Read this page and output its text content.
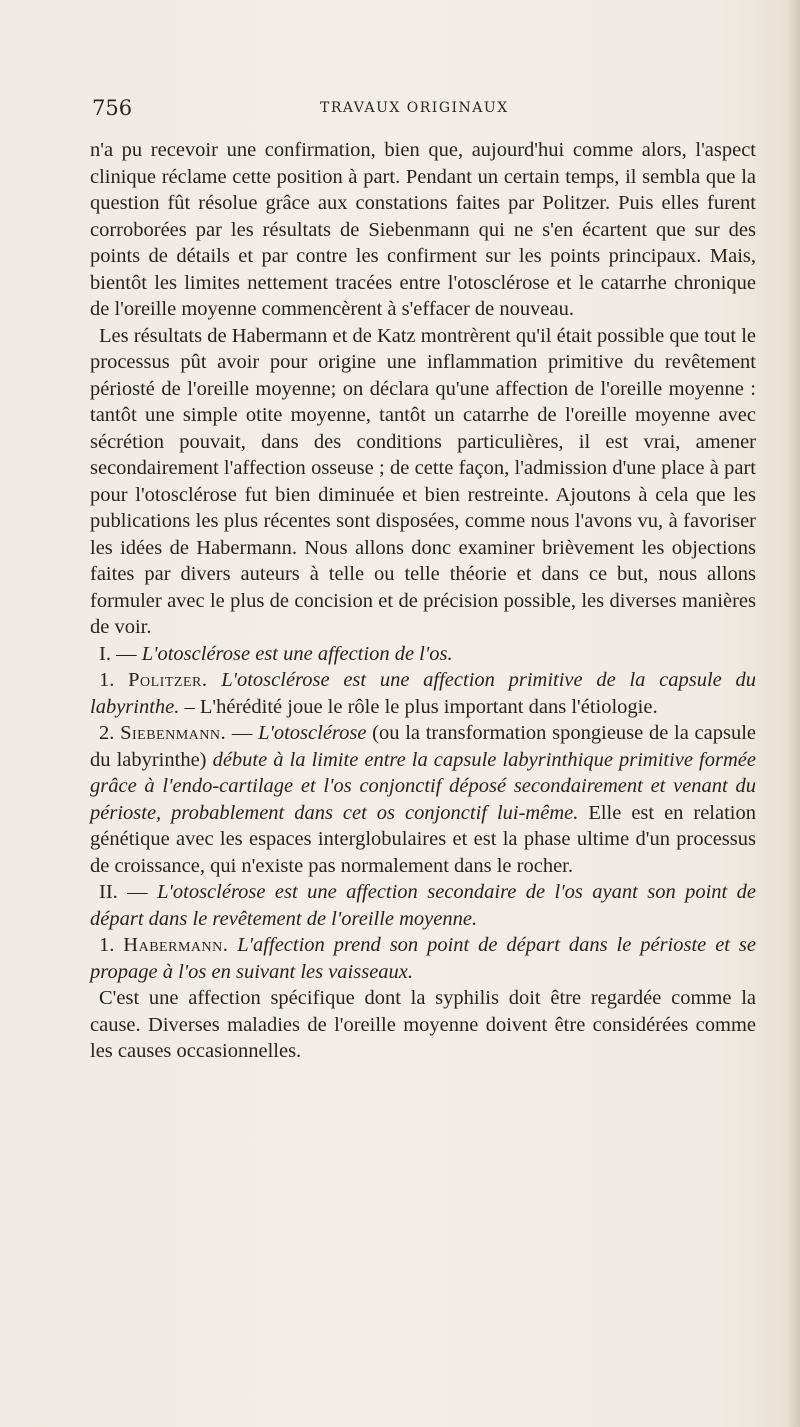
756	TRAVAUX ORIGINAUX

n'a pu recevoir une confirmation, bien que, aujourd'hui comme alors, l'aspect clinique réclame cette position à part. Pendant un certain temps, il sembla que la question fût résolue grâce aux constations faites par Politzer. Puis elles furent corroborées par les résultats de Siebenmann qui ne s'en écartent que sur des points de détails et par contre les confirment sur les points principaux. Mais, bientôt les limites nettement tracées entre l'otosclérose et le catarrhe chronique de l'oreille moyenne commencèrent à s'effacer de nouveau.

Les résultats de Habermann et de Katz montrèrent qu'il était possible que tout le processus pût avoir pour origine une inflammation primitive du revêtement périosté de l'oreille moyenne; on déclara qu'une affection de l'oreille moyenne : tantôt une simple otite moyenne, tantôt un catarrhe de l'oreille moyenne avec sécrétion pouvait, dans des conditions particulières, il est vrai, amener secondairement l'affection osseuse ; de cette façon, l'admission d'une place à part pour l'otosclérose fut bien diminuée et bien restreinte. Ajoutons à cela que les publications les plus récentes sont disposées, comme nous l'avons vu, à favoriser les idées de Habermann. Nous allons donc examiner brièvement les objections faites par divers auteurs à telle ou telle théorie et dans ce but, nous allons formuler avec le plus de concision et de précision possible, les diverses manières de voir.

I. — L'otosclérose est une affection de l'os.

1. Politzer. L'otosclérose est une affection primitive de la capsule du labyrinthe. – L'hérédité joue le rôle le plus important dans l'étiologie.

2. Siebenmann. — L'otosclérose (ou la transformation spongieuse de la capsule du labyrinthe) débute à la limite entre la capsule labyrinthique primitive formée grâce à l'endo-cartilage et l'os conjonctif déposé secondairement et venant du périoste, probablement dans cet os conjonctif lui-même. Elle est en relation génétique avec les espaces interglobulaires et est la phase ultime d'un processus de croissance, qui n'existe pas normalement dans le rocher.

II. — L'otosclérose est une affection secondaire de l'os ayant son point de départ dans le revêtement de l'oreille moyenne.

1. Habermann. L'affection prend son point de départ dans le périoste et se propage à l'os en suivant les vaisseaux.

C'est une affection spécifique dont la syphilis doit être regardée comme la cause. Diverses maladies de l'oreille moyenne doivent être considérées comme les causes occasionnelles.
